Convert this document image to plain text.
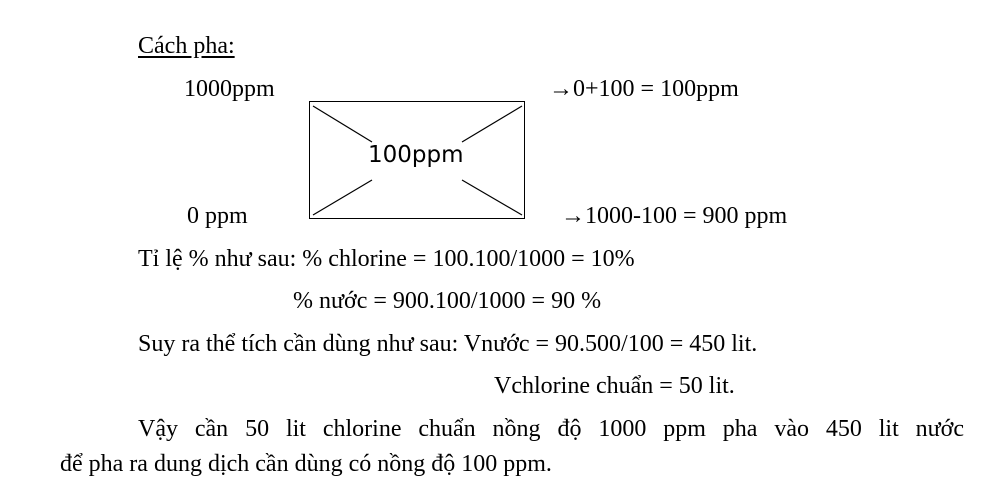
Cách pha:
1000ppm
0 ppm
100ppm
→0+100 = 100ppm
→1000-100 = 900 ppm
Tỉ lệ % như sau: % chlorine = 100.100/1000 = 10%
% nước = 900.100/1000 = 90 %
Suy ra thể tích cần dùng như sau: Vnước = 90.500/100 = 450 lit.
Vchlorine chuẩn = 50 lit.
Vậy cần 50 lit chlorine chuẩn nồng độ 1000 ppm pha vào 450 lit nước
để pha ra dung dịch cần dùng có nồng độ 100 ppm.
